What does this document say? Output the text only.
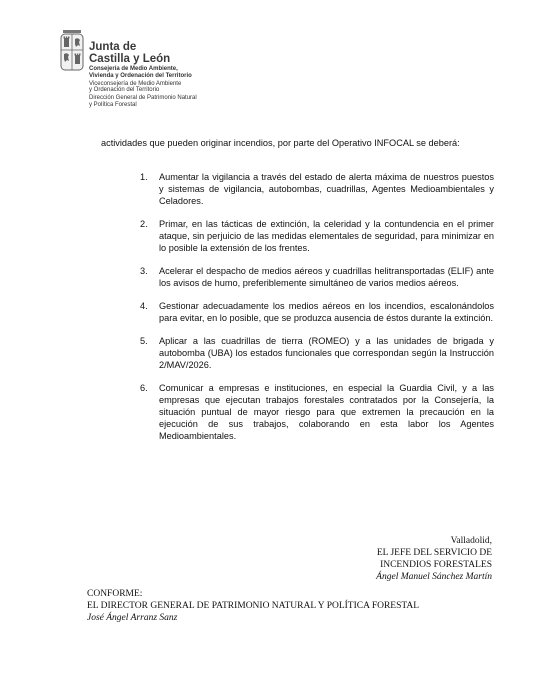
Junta de
Castilla y León
Consejería de Medio Ambiente,
Vivienda y Ordenación del Territorio
Viceconsejería de Medio Ambiente
y Ordenación del Territorio
Dirección General de Patrimonio Natural
y Política Forestal

actividades que pueden originar incendios, por parte del Operativo INFOCAL se deberá:

1. Aumentar la vigilancia a través del estado de alerta máxima de nuestros puestos y sistemas de vigilancia, autobombas, cuadrillas, Agentes Medioambientales y Celadores.
2. Primar, en las tácticas de extinción, la celeridad y la contundencia en el primer ataque, sin perjuicio de las medidas elementales de seguridad, para minimizar en lo posible la extensión de los frentes.
3. Acelerar el despacho de medios aéreos y cuadrillas helitransportadas (ELIF) ante los avisos de humo, preferiblemente simultáneo de varios medios aéreos.
4. Gestionar adecuadamente los medios aéreos en los incendios, escalonándolos para evitar, en lo posible, que se produzca ausencia de éstos durante la extinción.
5. Aplicar a las cuadrillas de tierra (ROMEO) y a las unidades de brigada y autobomba (UBA) los estados funcionales que correspondan según la Instrucción 2/MAV/2026.
6. Comunicar a empresas e instituciones, en especial la Guardia Civil, y a las empresas que ejecutan trabajos forestales contratados por la Consejería, la situación puntual de mayor riesgo para que extremen la precaución en la ejecución de sus trabajos, colaborando en esta labor los Agentes Medioambientales.
Valladolid,
EL JEFE DEL SERVICIO DE
INCENDIOS FORESTALES
Ángel Manuel Sánchez Martín
CONFORME:
EL DIRECTOR GENERAL DE PATRIMONIO NATURAL Y POLÍTICA FORESTAL
José Ángel Arranz Sanz
